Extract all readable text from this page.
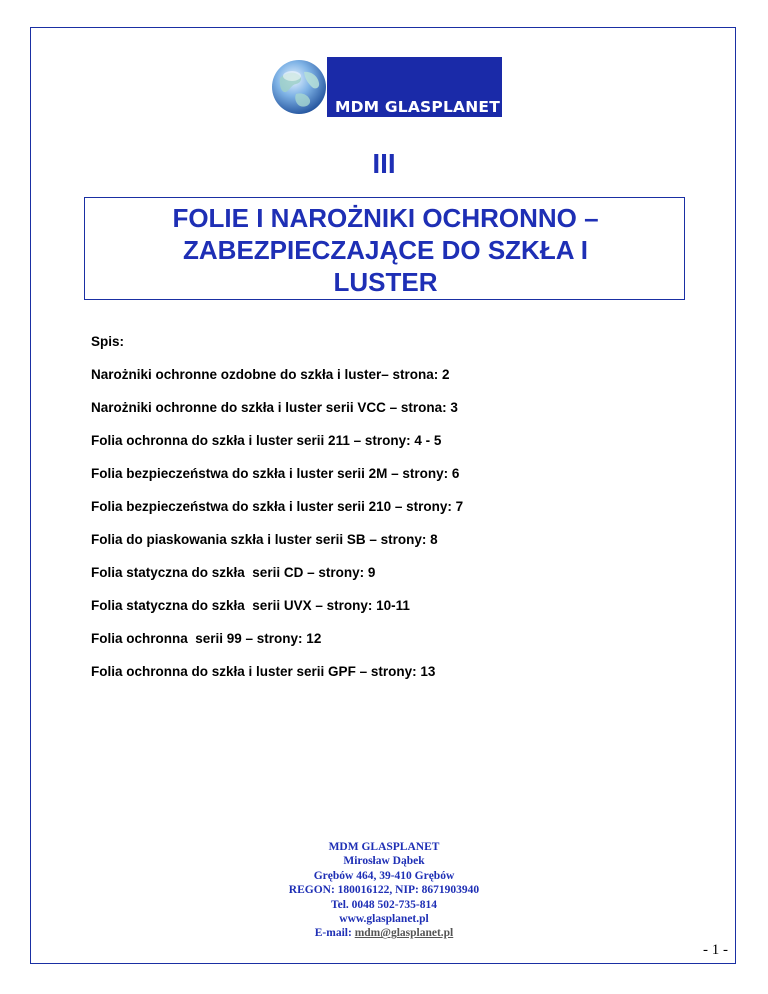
MDM GLASPLANET
III
FOLIE I NAROŻNIKI OCHRONNO –
ZABEZPIECZAJĄCE DO SZKŁA I
LUSTER
Spis:
Narożniki ochronne ozdobne do szkła i luster– strona: 2
Narożniki ochronne do szkła i luster serii VCC – strona: 3
Folia ochronna do szkła i luster serii 211 – strony: 4 - 5
Folia bezpieczeństwa do szkła i luster serii 2M – strony: 6
Folia bezpieczeństwa do szkła i luster serii 210 – strony: 7
Folia do piaskowania szkła i luster serii SB – strony: 8
Folia statyczna do szkła  serii CD – strony: 9
Folia statyczna do szkła  serii UVX – strony: 10-11
Folia ochronna  serii 99 – strony: 12
Folia ochronna do szkła i luster serii GPF – strony: 13
MDM GLASPLANET
Mirosław Dąbek
Grębów 464, 39-410 Grębów
REGON: 180016122, NIP: 8671903940
Tel. 0048 502-735-814
www.glasplanet.pl
E-mail: mdm@glasplanet.pl
- 1 -
